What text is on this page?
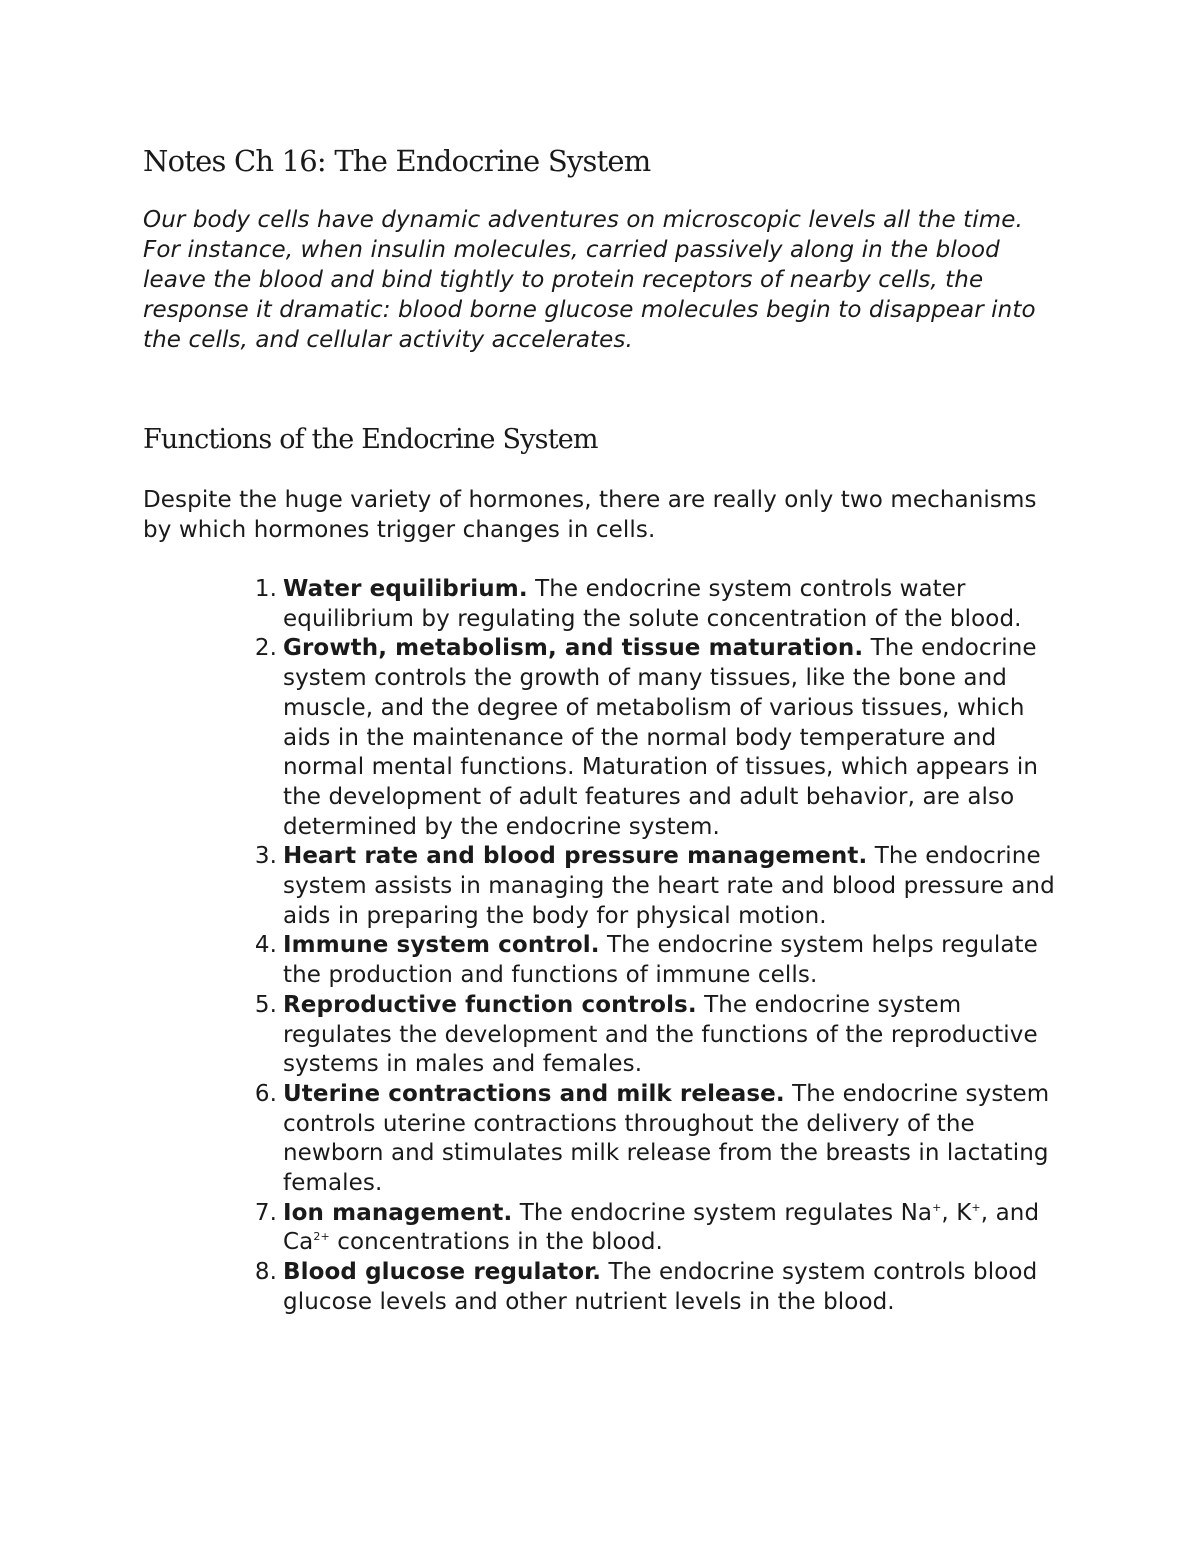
Notes Ch 16: The Endocrine System

Our body cells have dynamic adventures on microscopic levels all the time. For instance, when insulin molecules, carried passively along in the blood leave the blood and bind tightly to protein receptors of nearby cells, the response it dramatic: blood borne glucose molecules begin to disappear into the cells, and cellular activity accelerates.

Functions of the Endocrine System

Despite the huge variety of hormones, there are really only two mechanisms by which hormones trigger changes in cells.

1. Water equilibrium. The endocrine system controls water equilibrium by regulating the solute concentration of the blood.
2. Growth, metabolism, and tissue maturation. The endocrine system controls the growth of many tissues, like the bone and muscle, and the degree of metabolism of various tissues, which aids in the maintenance of the normal body temperature and normal mental functions. Maturation of tissues, which appears in the development of adult features and adult behavior, are also determined by the endocrine system.
3. Heart rate and blood pressure management. The endocrine system assists in managing the heart rate and blood pressure and aids in preparing the body for physical motion.
4. Immune system control. The endocrine system helps regulate the production and functions of immune cells.
5. Reproductive function controls. The endocrine system regulates the development and the functions of the reproductive systems in males and females.
6. Uterine contractions and milk release. The endocrine system controls uterine contractions throughout the delivery of the newborn and stimulates milk release from the breasts in lactating females.
7. Ion management. The endocrine system regulates Na+, K+, and $Ca^{2+}$ concentrations in the blood.
8. Blood glucose regulator. The endocrine system controls blood glucose levels and other nutrient levels in the blood.
